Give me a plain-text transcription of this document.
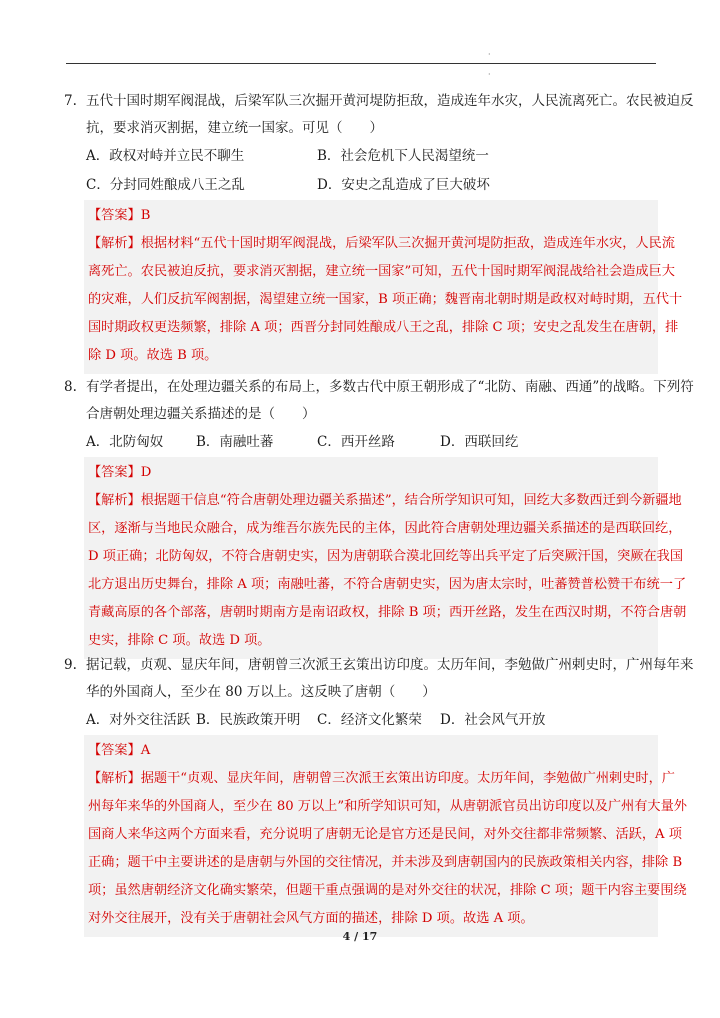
·
·

7. 五代十国时期军阀混战，后梁军队三次掘开黄河堤防拒敌，造成连年水灾，人民流离死亡。农民被迫反

抗，要求消灭割据，建立统一国家。可见（　　）

A．政权对峙并立民不聊生	B．社会危机下人民渴望统一
C．分封同姓酿成八王之乱	D．安史之乱造成了巨大破坏

【答案】B

【解析】根据材料“五代十国时期军阀混战，后梁军队三次掘开黄河堤防拒敌，造成连年水灾，人民流

离死亡。农民被迫反抗，要求消灭割据，建立统一国家”可知，五代十国时期军阀混战给社会造成巨大

的灾难，人们反抗军阀割据，渴望建立统一国家，B 项正确；魏晋南北朝时期是政权对峙时期，五代十

国时期政权更迭频繁，排除 A 项；西晋分封同姓酿成八王之乱，排除 C 项；安史之乱发生在唐朝，排

除 D 项。故选 B 项。

8. 有学者提出，在处理边疆关系的布局上，多数古代中原王朝形成了“北防、南融、西通”的战略。下列符

合唐朝处理边疆关系描述的是（　　）

A．北防匈奴	B．南融吐蕃	C．西开丝路	D．西联回纥

【答案】D

【解析】根据题干信息“符合唐朝处理边疆关系描述”，结合所学知识可知，回纥大多数西迁到今新疆地

区，逐渐与当地民众融合，成为维吾尔族先民的主体，因此符合唐朝处理边疆关系描述的是西联回纥，

D 项正确；北防匈奴，不符合唐朝史实，因为唐朝联合漠北回纥等出兵平定了后突厥汗国，突厥在我国

北方退出历史舞台，排除 A 项；南融吐蕃，不符合唐朝史实，因为唐太宗时，吐蕃赞普松赞干布统一了

青藏高原的各个部落，唐朝时期南方是南诏政权，排除 B 项；西开丝路，发生在西汉时期，不符合唐朝

史实，排除 C 项。故选 D 项。

9. 据记载，贞观、显庆年间，唐朝曾三次派王玄策出访印度。太历年间，李勉做广州剌史时，广州每年来

华的外国商人，至少在 80 万以上。这反映了唐朝（　　）

A．对外交往活跃 B．民族政策开明	C．经济文化繁荣	D．社会风气开放

【答案】A

【解析】据题干“贞观、显庆年间，唐朝曾三次派王玄策出访印度。太历年间，李勉做广州剌史时，广

州每年来华的外国商人，至少在 80 万以上”和所学知识可知，从唐朝派官员出访印度以及广州有大量外

国商人来华这两个方面来看，充分说明了唐朝无论是官方还是民间，对外交往都非常频繁、活跃，A 项

正确；题干中主要讲述的是唐朝与外国的交往情况，并未涉及到唐朝国内的民族政策相关内容，排除 B

项；虽然唐朝经济文化确实繁荣，但题干重点强调的是对外交往的状况，排除 C 项；题干内容主要围绕

对外交往展开，没有关于唐朝社会风气方面的描述，排除 D 项。故选 A 项。

4 / 17
